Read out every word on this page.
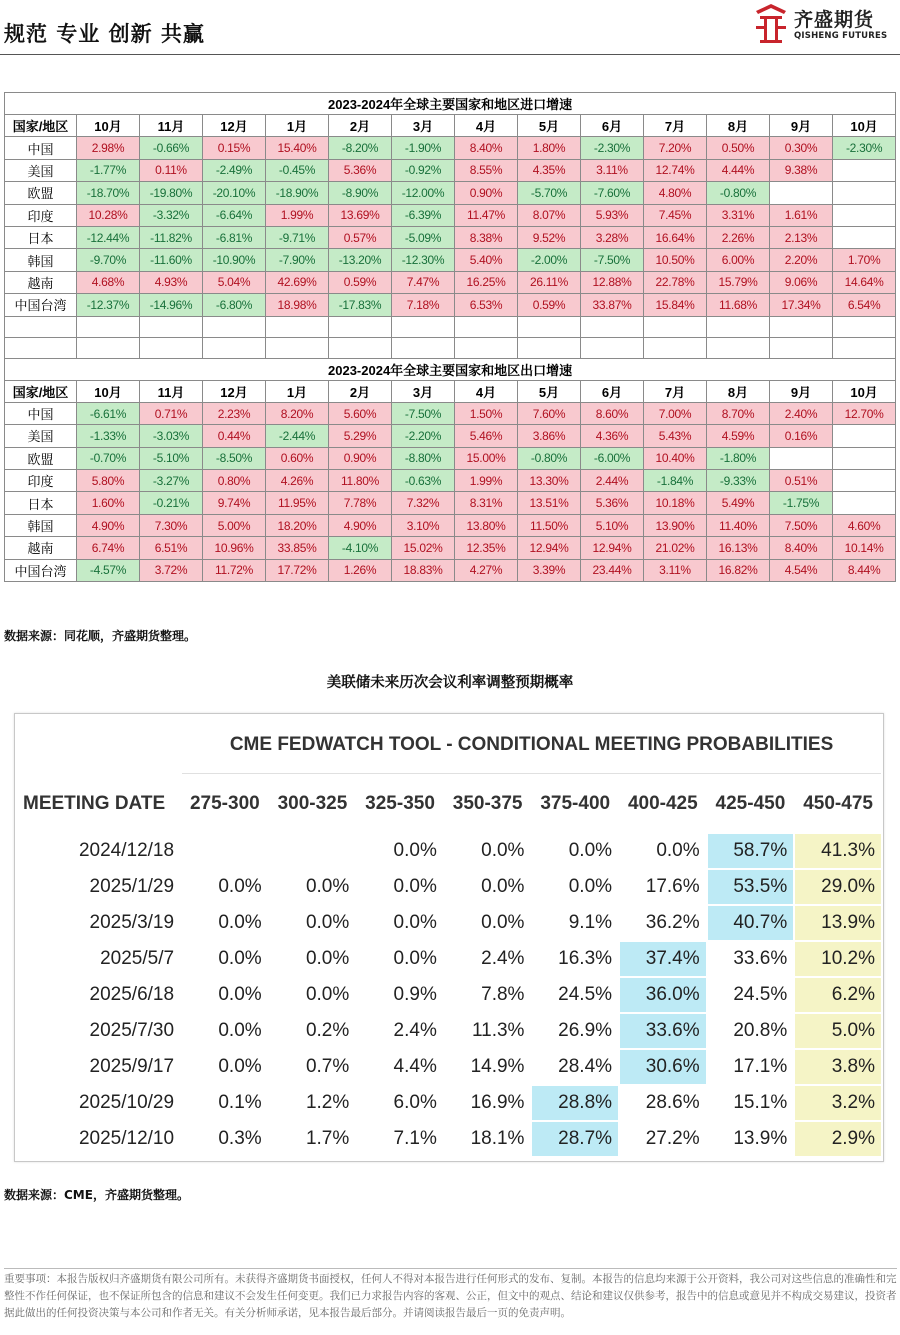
规范 专业 创新 共赢
齐盛期货
QISHENG FUTURES
2023-2024年全球主要国家和地区进口增速													
国家/地区	10月	11月	12月	1月	2月	3月	4月	5月	6月	7月	8月	9月	10月
中国	2.98%	-0.66%	0.15%	15.40%	-8.20%	-1.90%	8.40%	1.80%	-2.30%	7.20%	0.50%	0.30%	-2.30%
美国	-1.77%	0.11%	-2.49%	-0.45%	5.36%	-0.92%	8.55%	4.35%	3.11%	12.74%	4.44%	9.38%	
欧盟	-18.70%	-19.80%	-20.10%	-18.90%	-8.90%	-12.00%	0.90%	-5.70%	-7.60%	4.80%	-0.80%		
印度	10.28%	-3.32%	-6.64%	1.99%	13.69%	-6.39%	11.47%	8.07%	5.93%	7.45%	3.31%	1.61%	
日本	-12.44%	-11.82%	-6.81%	-9.71%	0.57%	-5.09%	8.38%	9.52%	3.28%	16.64%	2.26%	2.13%	
韩国	-9.70%	-11.60%	-10.90%	-7.90%	-13.20%	-12.30%	5.40%	-2.00%	-7.50%	10.50%	6.00%	2.20%	1.70%
越南	4.68%	4.93%	5.04%	42.69%	0.59%	7.47%	16.25%	26.11%	12.88%	22.78%	15.79%	9.06%	14.64%
中国台湾	-12.37%	-14.96%	-6.80%	18.98%	-17.83%	7.18%	6.53%	0.59%	33.87%	15.84%	11.68%	17.34%	6.54%

2023-2024年全球主要国家和地区出口增速													
国家/地区	10月	11月	12月	1月	2月	3月	4月	5月	6月	7月	8月	9月	10月
中国	-6.61%	0.71%	2.23%	8.20%	5.60%	-7.50%	1.50%	7.60%	8.60%	7.00%	8.70%	2.40%	12.70%
美国	-1.33%	-3.03%	0.44%	-2.44%	5.29%	-2.20%	5.46%	3.86%	4.36%	5.43%	4.59%	0.16%	
欧盟	-0.70%	-5.10%	-8.50%	0.60%	0.90%	-8.80%	15.00%	-0.80%	-6.00%	10.40%	-1.80%		
印度	5.80%	-3.27%	0.80%	4.26%	11.80%	-0.63%	1.99%	13.30%	2.44%	-1.84%	-9.33%	0.51%	
日本	1.60%	-0.21%	9.74%	11.95%	7.78%	7.32%	8.31%	13.51%	5.36%	10.18%	5.49%	-1.75%	
韩国	4.90%	7.30%	5.00%	18.20%	4.90%	3.10%	13.80%	11.50%	5.10%	13.90%	11.40%	7.50%	4.60%
越南	6.74%	6.51%	10.96%	33.85%	-4.10%	15.02%	12.35%	12.94%	12.94%	21.02%	16.13%	8.40%	10.14%
中国台湾	-4.57%	3.72%	11.72%	17.72%	1.26%	18.83%	4.27%	3.39%	23.44%	3.11%	16.82%	4.54%	8.44%
数据来源：同花顺，齐盛期货整理。
美联储未来历次会议利率调整预期概率
	CME FEDWATCH TOOL - CONDITIONAL MEETING PROBABILITIES							
MEETING DATE	275-300	300-325	325-350	350-375	375-400	400-425	425-450	450-475
2024/12/18			0.0%	0.0%	0.0%	0.0%	58.7%	41.3%
2025/1/29	0.0%	0.0%	0.0%	0.0%	0.0%	17.6%	53.5%	29.0%
2025/3/19	0.0%	0.0%	0.0%	0.0%	9.1%	36.2%	40.7%	13.9%
2025/5/7	0.0%	0.0%	0.0%	2.4%	16.3%	37.4%	33.6%	10.2%
2025/6/18	0.0%	0.0%	0.9%	7.8%	24.5%	36.0%	24.5%	6.2%
2025/7/30	0.0%	0.2%	2.4%	11.3%	26.9%	33.6%	20.8%	5.0%
2025/9/17	0.0%	0.7%	4.4%	14.9%	28.4%	30.6%	17.1%	3.8%
2025/10/29	0.1%	1.2%	6.0%	16.9%	28.8%	28.6%	15.1%	3.2%
2025/12/10	0.3%	1.7%	7.1%	18.1%	28.7%	27.2%	13.9%	2.9%
数据来源：CME，齐盛期货整理。
重要事项：本报告版权归齐盛期货有限公司所有。未获得齐盛期货书面授权，任何人不得对本报告进行任何形式的发布、复制。本报告的信息均来源于公开资料，我公司对这些信息的准确性和完整性不作任何保证，也不保证所包含的信息和建议不会发生任何变更。我们已力求报告内容的客观、公正，但文中的观点、结论和建议仅供参考，报告中的信息或意见并不构成交易建议，投资者据此做出的任何投资决策与本公司和作者无关。有关分析师承诺，见本报告最后部分。并请阅读报告最后一页的免责声明。
